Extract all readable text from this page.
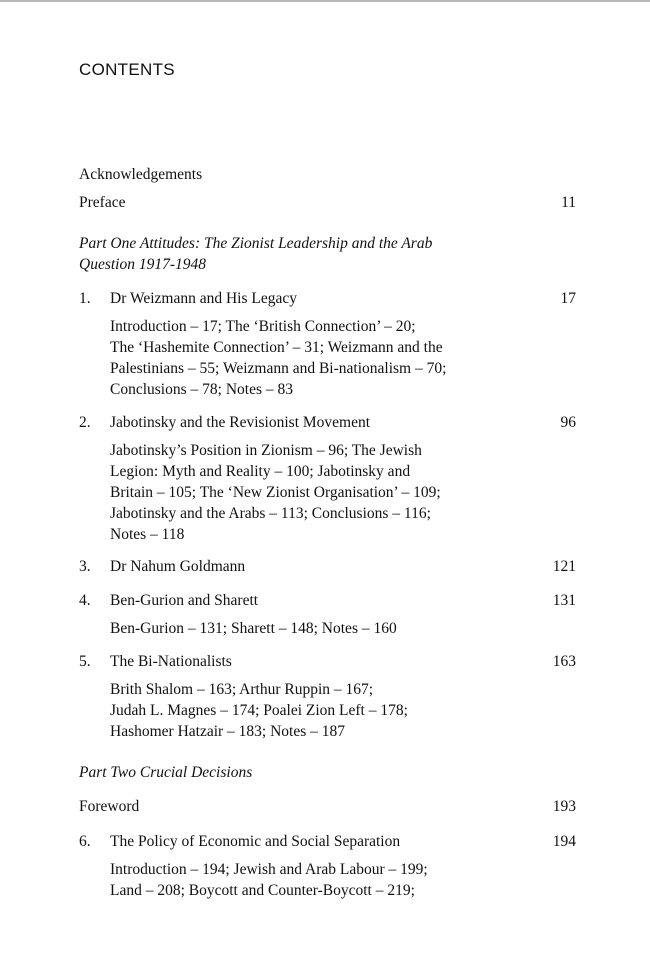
CONTENTS
Acknowledgements
Preface	11
Part One Attitudes: The Zionist Leadership and the Arab
Question 1917-1948
1. Dr Weizmann and His Legacy	17
Introduction – 17; The ‘British Connection’ – 20;
The ‘Hashemite Connection’ – 31; Weizmann and the
Palestinians – 55; Weizmann and Bi-nationalism – 70;
Conclusions – 78; Notes – 83
2. Jabotinsky and the Revisionist Movement	96
Jabotinsky’s Position in Zionism – 96; The Jewish
Legion: Myth and Reality – 100; Jabotinsky and
Britain – 105; The ‘New Zionist Organisation’ – 109;
Jabotinsky and the Arabs – 113; Conclusions – 116;
Notes – 118
3. Dr Nahum Goldmann	121
4. Ben-Gurion and Sharett	131
Ben-Gurion – 131; Sharett – 148; Notes – 160
5. The Bi-Nationalists	163
Brith Shalom – 163; Arthur Ruppin – 167;
Judah L. Magnes – 174; Poalei Zion Left – 178;
Hashomer Hatzair – 183; Notes – 187
Part Two Crucial Decisions
Foreword	193
6. The Policy of Economic and Social Separation	194
Introduction – 194; Jewish and Arab Labour – 199;
Land – 208; Boycott and Counter-Boycott – 219;
